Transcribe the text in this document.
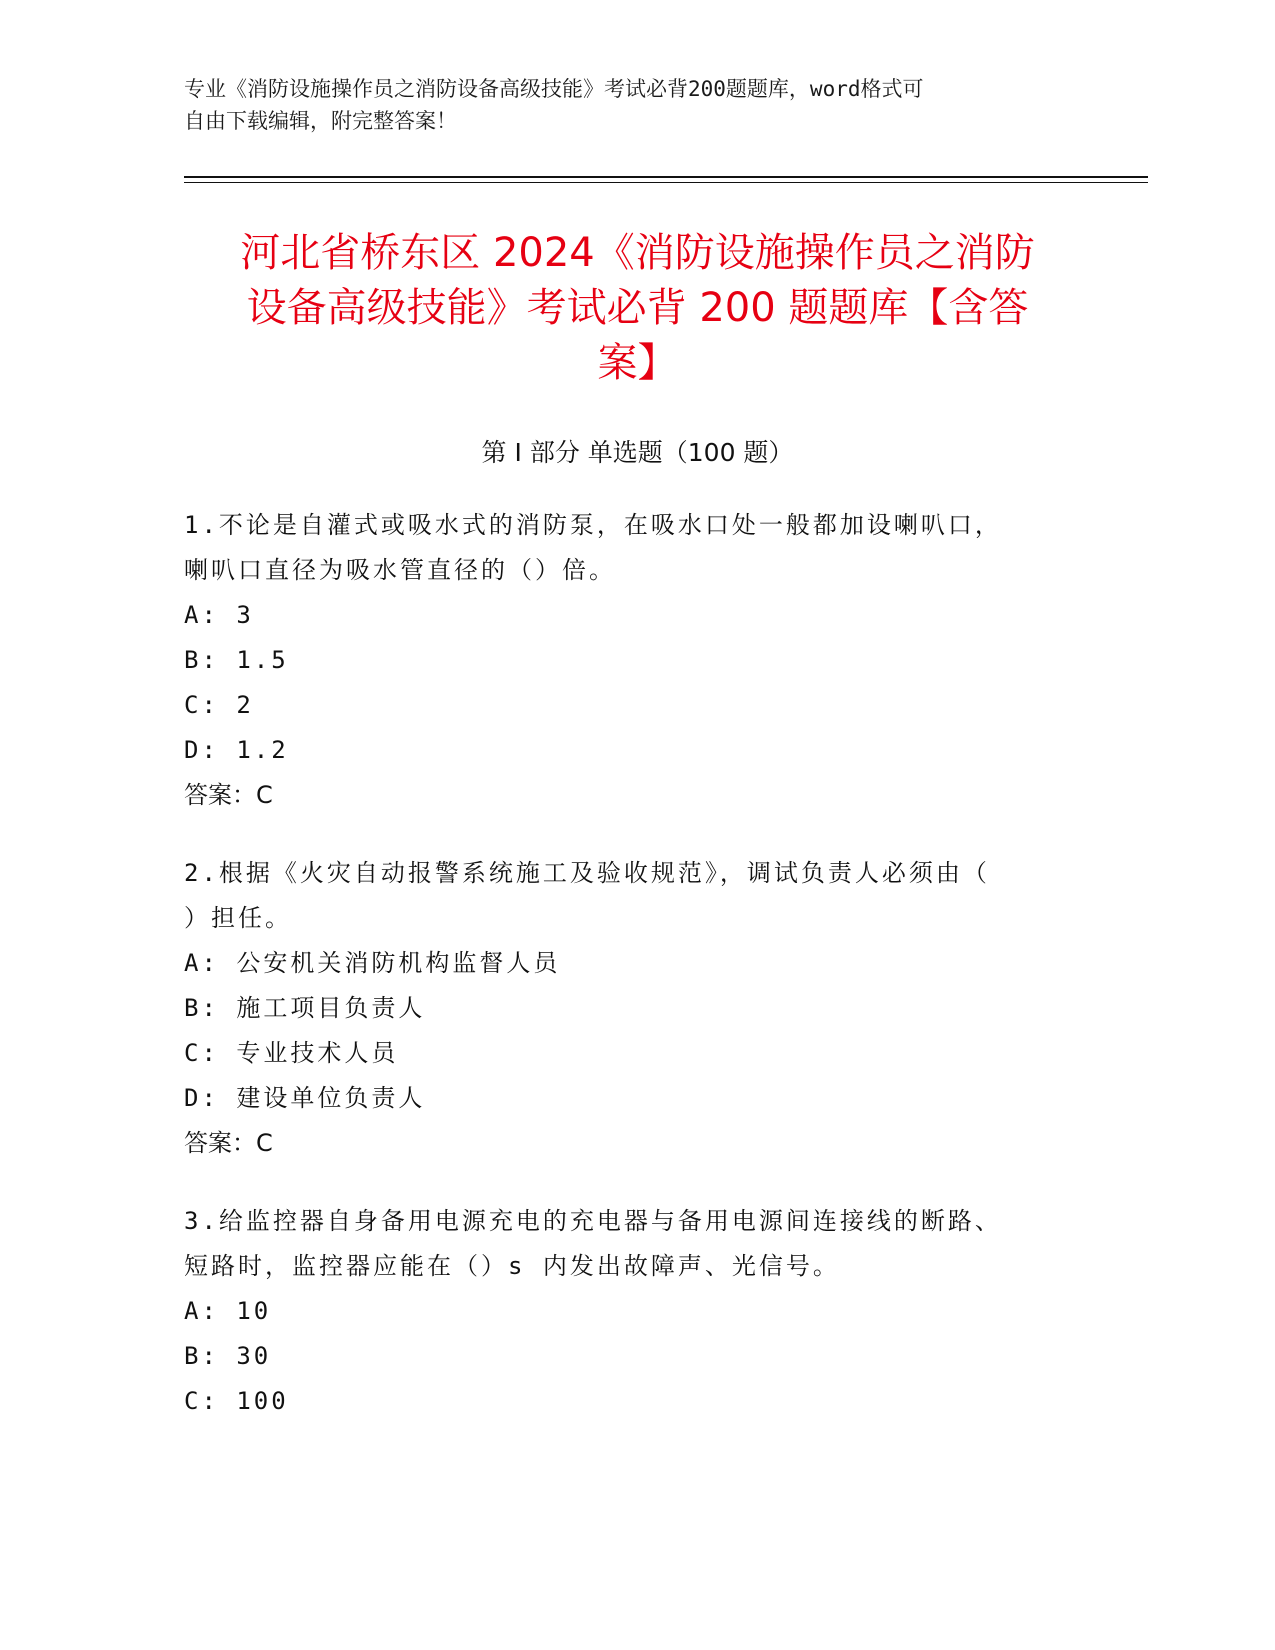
专业《消防设施操作员之消防设备高级技能》考试必背200题题库，word格式可
自由下载编辑，附完整答案！
河北省桥东区 2024《消防设施操作员之消防
设备高级技能》考试必背 200 题题库【含答
案】
第 I 部分 单选题（100 题）
1.不论是自灌式或吸水式的消防泵，在吸水口处一般都加设喇叭口，
喇叭口直径为吸水管直径的（）倍。
A: 3
B: 1.5
C: 2
D: 1.2
答案：C
2.根据《火灾自动报警系统施工及验收规范》，调试负责人必须由（
）担任。
A: 公安机关消防机构监督人员
B: 施工项目负责人
C: 专业技术人员
D: 建设单位负责人
答案：C
3.给监控器自身备用电源充电的充电器与备用电源间连接线的断路、
短路时，监控器应能在（）s 内发出故障声、光信号。
A: 10
B: 30
C: 100
